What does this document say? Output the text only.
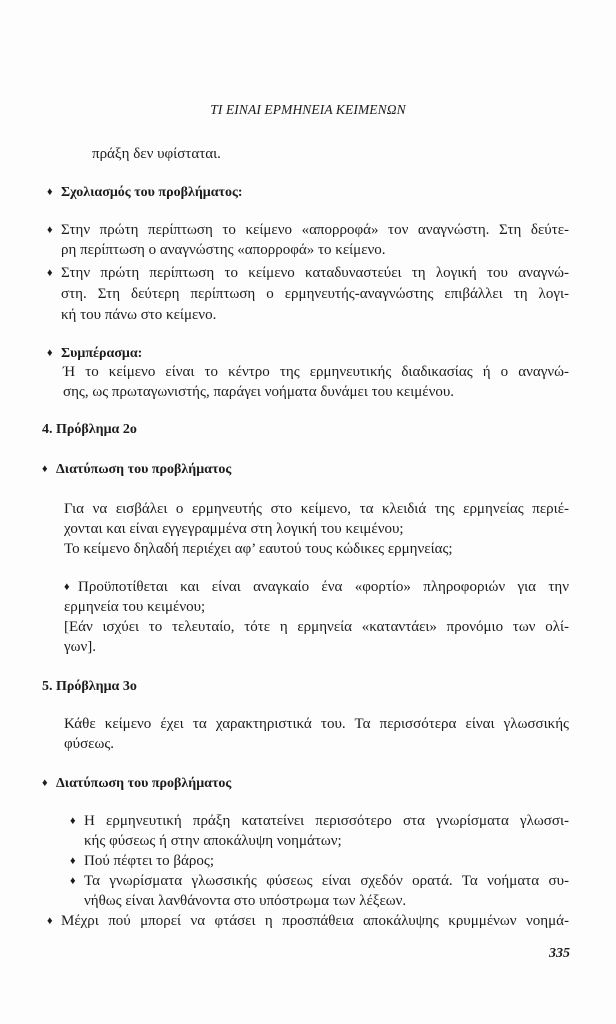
ΤΙ ΕΙΝΑΙ ΕΡΜΗΝΕΙΑ ΚΕΙΜΕΝΩΝ
πράξη δεν υφίσταται.
♦ Σχολιασμός του προβλήματος:
♦ Στην πρώτη περίπτωση το κείμενο «απορροφά» τον αναγνώστη. Στη δεύτε-
ρη περίπτωση ο αναγνώστης «απορροφά» το κείμενο.
♦ Στην πρώτη περίπτωση το κείμενο καταδυναστεύει τη λογική του αναγνώ-
στη. Στη δεύτερη περίπτωση ο ερμηνευτής-αναγνώστης επιβάλλει τη λογι-
κή του πάνω στο κείμενο.
♦ Συμπέρασμα:
Ή το κείμενο είναι το κέντρο της ερμηνευτικής διαδικασίας ή ο αναγνώ-
σης, ως πρωταγωνιστής, παράγει νοήματα δυνάμει του κειμένου.
4. Πρόβλημα 2ο
♦ Διατύπωση του προβλήματος
Για να εισβάλει ο ερμηνευτής στο κείμενο, τα κλειδιά της ερμηνείας περιέ-
χονται και είναι εγγεγραμμένα στη λογική του κειμένου;
Το κείμενο δηλαδή περιέχει αφ’ εαυτού τους κώδικες ερμηνείας;
♦ Προϋποτίθεται και είναι αναγκαίο ένα «φορτίο» πληροφοριών για την
ερμηνεία του κειμένου;
[Εάν ισχύει το τελευταίο, τότε η ερμηνεία «καταντάει» προνόμιο των ολί-
γων].
5. Πρόβλημα 3ο
Κάθε κείμενο έχει τα χαρακτηριστικά του. Τα περισσότερα είναι γλωσσικής
φύσεως.
♦ Διατύπωση του προβλήματος
♦ Η ερμηνευτική πράξη κατατείνει περισσότερο στα γνωρίσματα γλωσσι-
κής φύσεως ή στην αποκάλυψη νοημάτων;
♦ Πού πέφτει το βάρος;
♦ Τα γνωρίσματα γλωσσικής φύσεως είναι σχεδόν ορατά. Τα νοήματα συ-
νήθως είναι λανθάνοντα στο υπόστρωμα των λέξεων.
♦ Μέχρι πού μπορεί να φτάσει η προσπάθεια αποκάλυψης κρυμμένων νοημά-
335
